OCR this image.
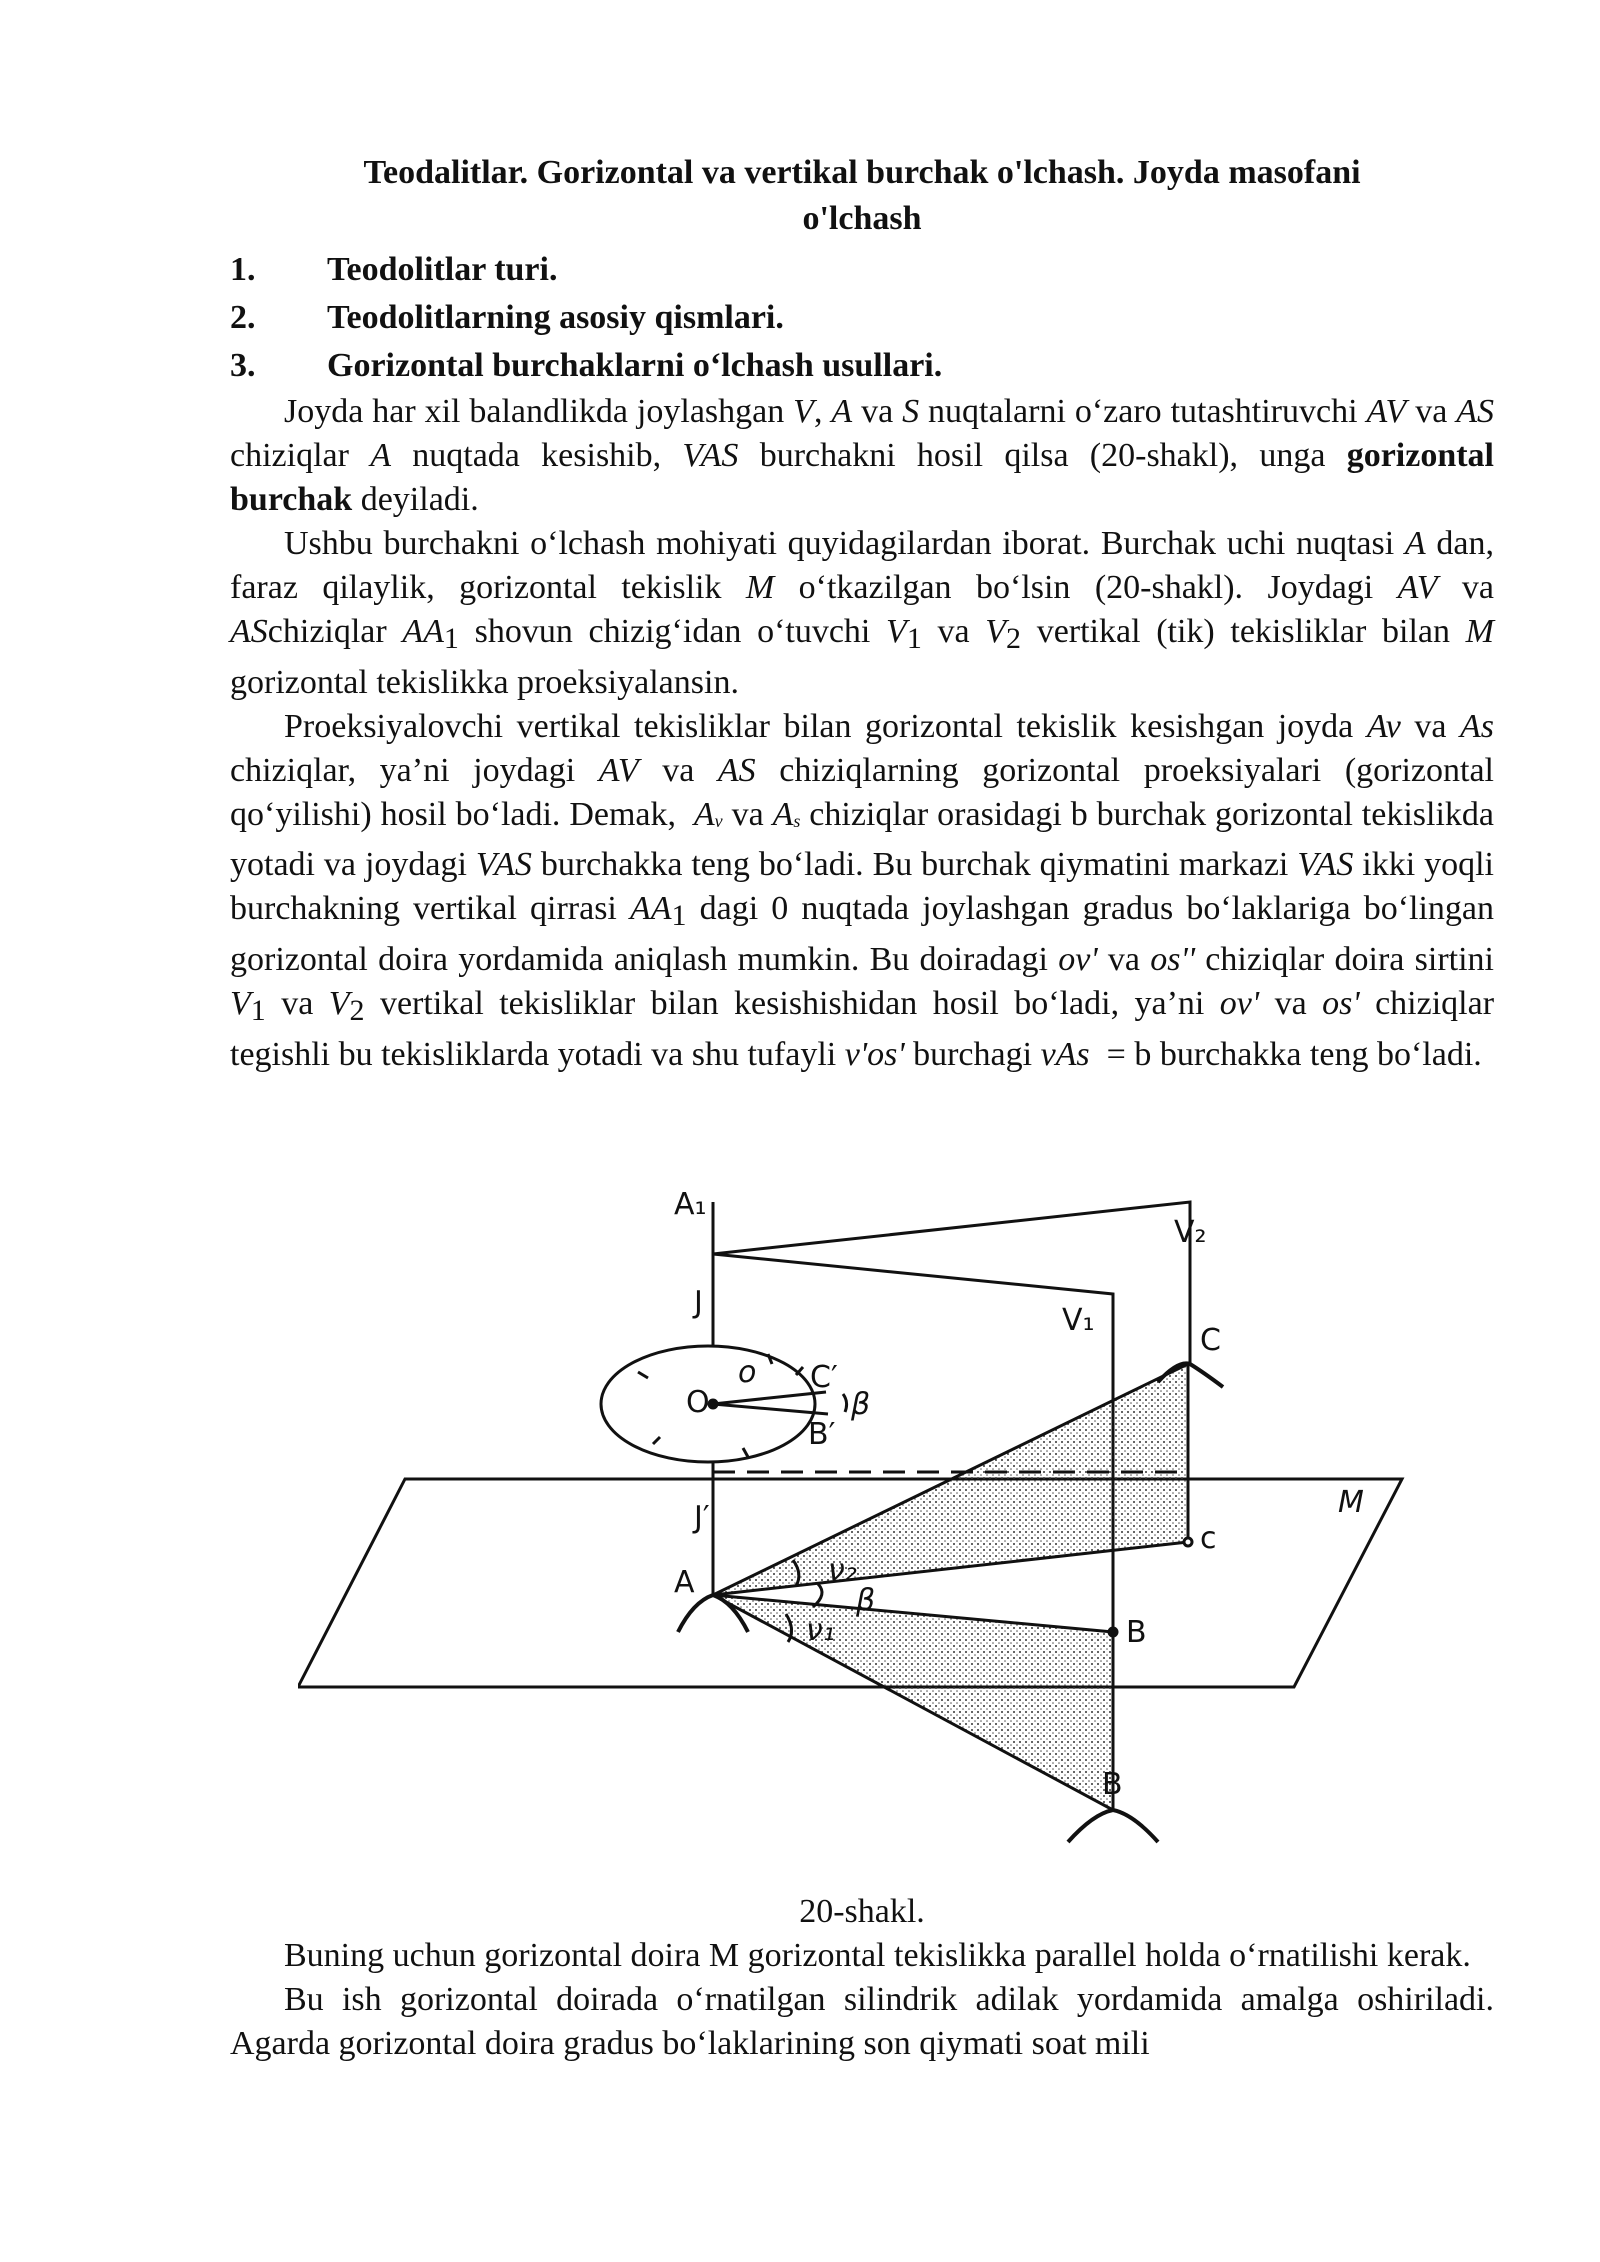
Teodalitlar. Gorizontal va vertikal burchak o'lchash. Joyda masofani
o'lchash
1.	Teodolitlar turi.
2.	Teodolitlarning asosiy qismlari.
3.	Gorizontal burchaklarni o‘lchash usullari.

Joyda har xil balandlikda joylashgan V, A va S nuqtalarni o‘zaro tutashtiruvchi AV va AS chiziqlar A nuqtada kesishib, VAS burchakni hosil qilsa (20-shakl), unga gorizontal burchak deyiladi.

Ushbu burchakni o‘lchash mohiyati quyidagilardan iborat. Burchak uchi nuqtasi A dan, faraz qilaylik, gorizontal tekislik M o‘tkazilgan bo‘lsin (20-shakl). Joydagi AV va ASchiziqlar $AA_1$ shovun chizig‘idan o‘tuvchi $V_1$ va $V_2$ vertikal (tik) tekisliklar bilan M gorizontal tekislikka proeksiyalansin.

Proeksiyalovchi vertikal tekisliklar bilan gorizontal tekislik kesishgan joyda Av va As chiziqlar, ya’ni joydagi AV va AS chiziqlarning gorizontal proeksiyalari (gorizontal qo‘yilishi) hosil bo‘ladi. Demak,  $A_v$ va $A_s$ chiziqlar orasidagi b burchak gorizontal tekislikda yotadi va joydagi VAS burchakka teng bo‘ladi. Bu burchak qiymatini markazi VAS ikki yoqli burchakning vertikal qirrasi $AA_1$ dagi 0 nuqtada joylashgan gradus bo‘laklariga bo‘lingan gorizontal doira yordamida aniqlash mumkin. Bu doiradagi ov' va os'' chiziqlar doira sirtini $V_1$ va $V_2$ vertikal tekisliklar bilan kesishishidan hosil bo‘ladi, ya’ni ov' va os' chiziqlar tegishli bu tekisliklarda yotadi va shu tufayli v'os' burchagi vAs  = b burchakka teng bo‘ladi.

A₁
J
O
o C′
B′
β
J′
A
V₂
V₁
C
c
M
ν₂
β
ν₁	B
B
20-shakl.

Buning uchun gorizontal doira M gorizontal tekislikka parallel holda o‘rnatilishi kerak.

Bu ish gorizontal doirada o‘rnatilgan silindrik adilak yordamida amalga oshiriladi. Agarda gorizontal doira gradus bo‘laklarining son qiymati soat mili
